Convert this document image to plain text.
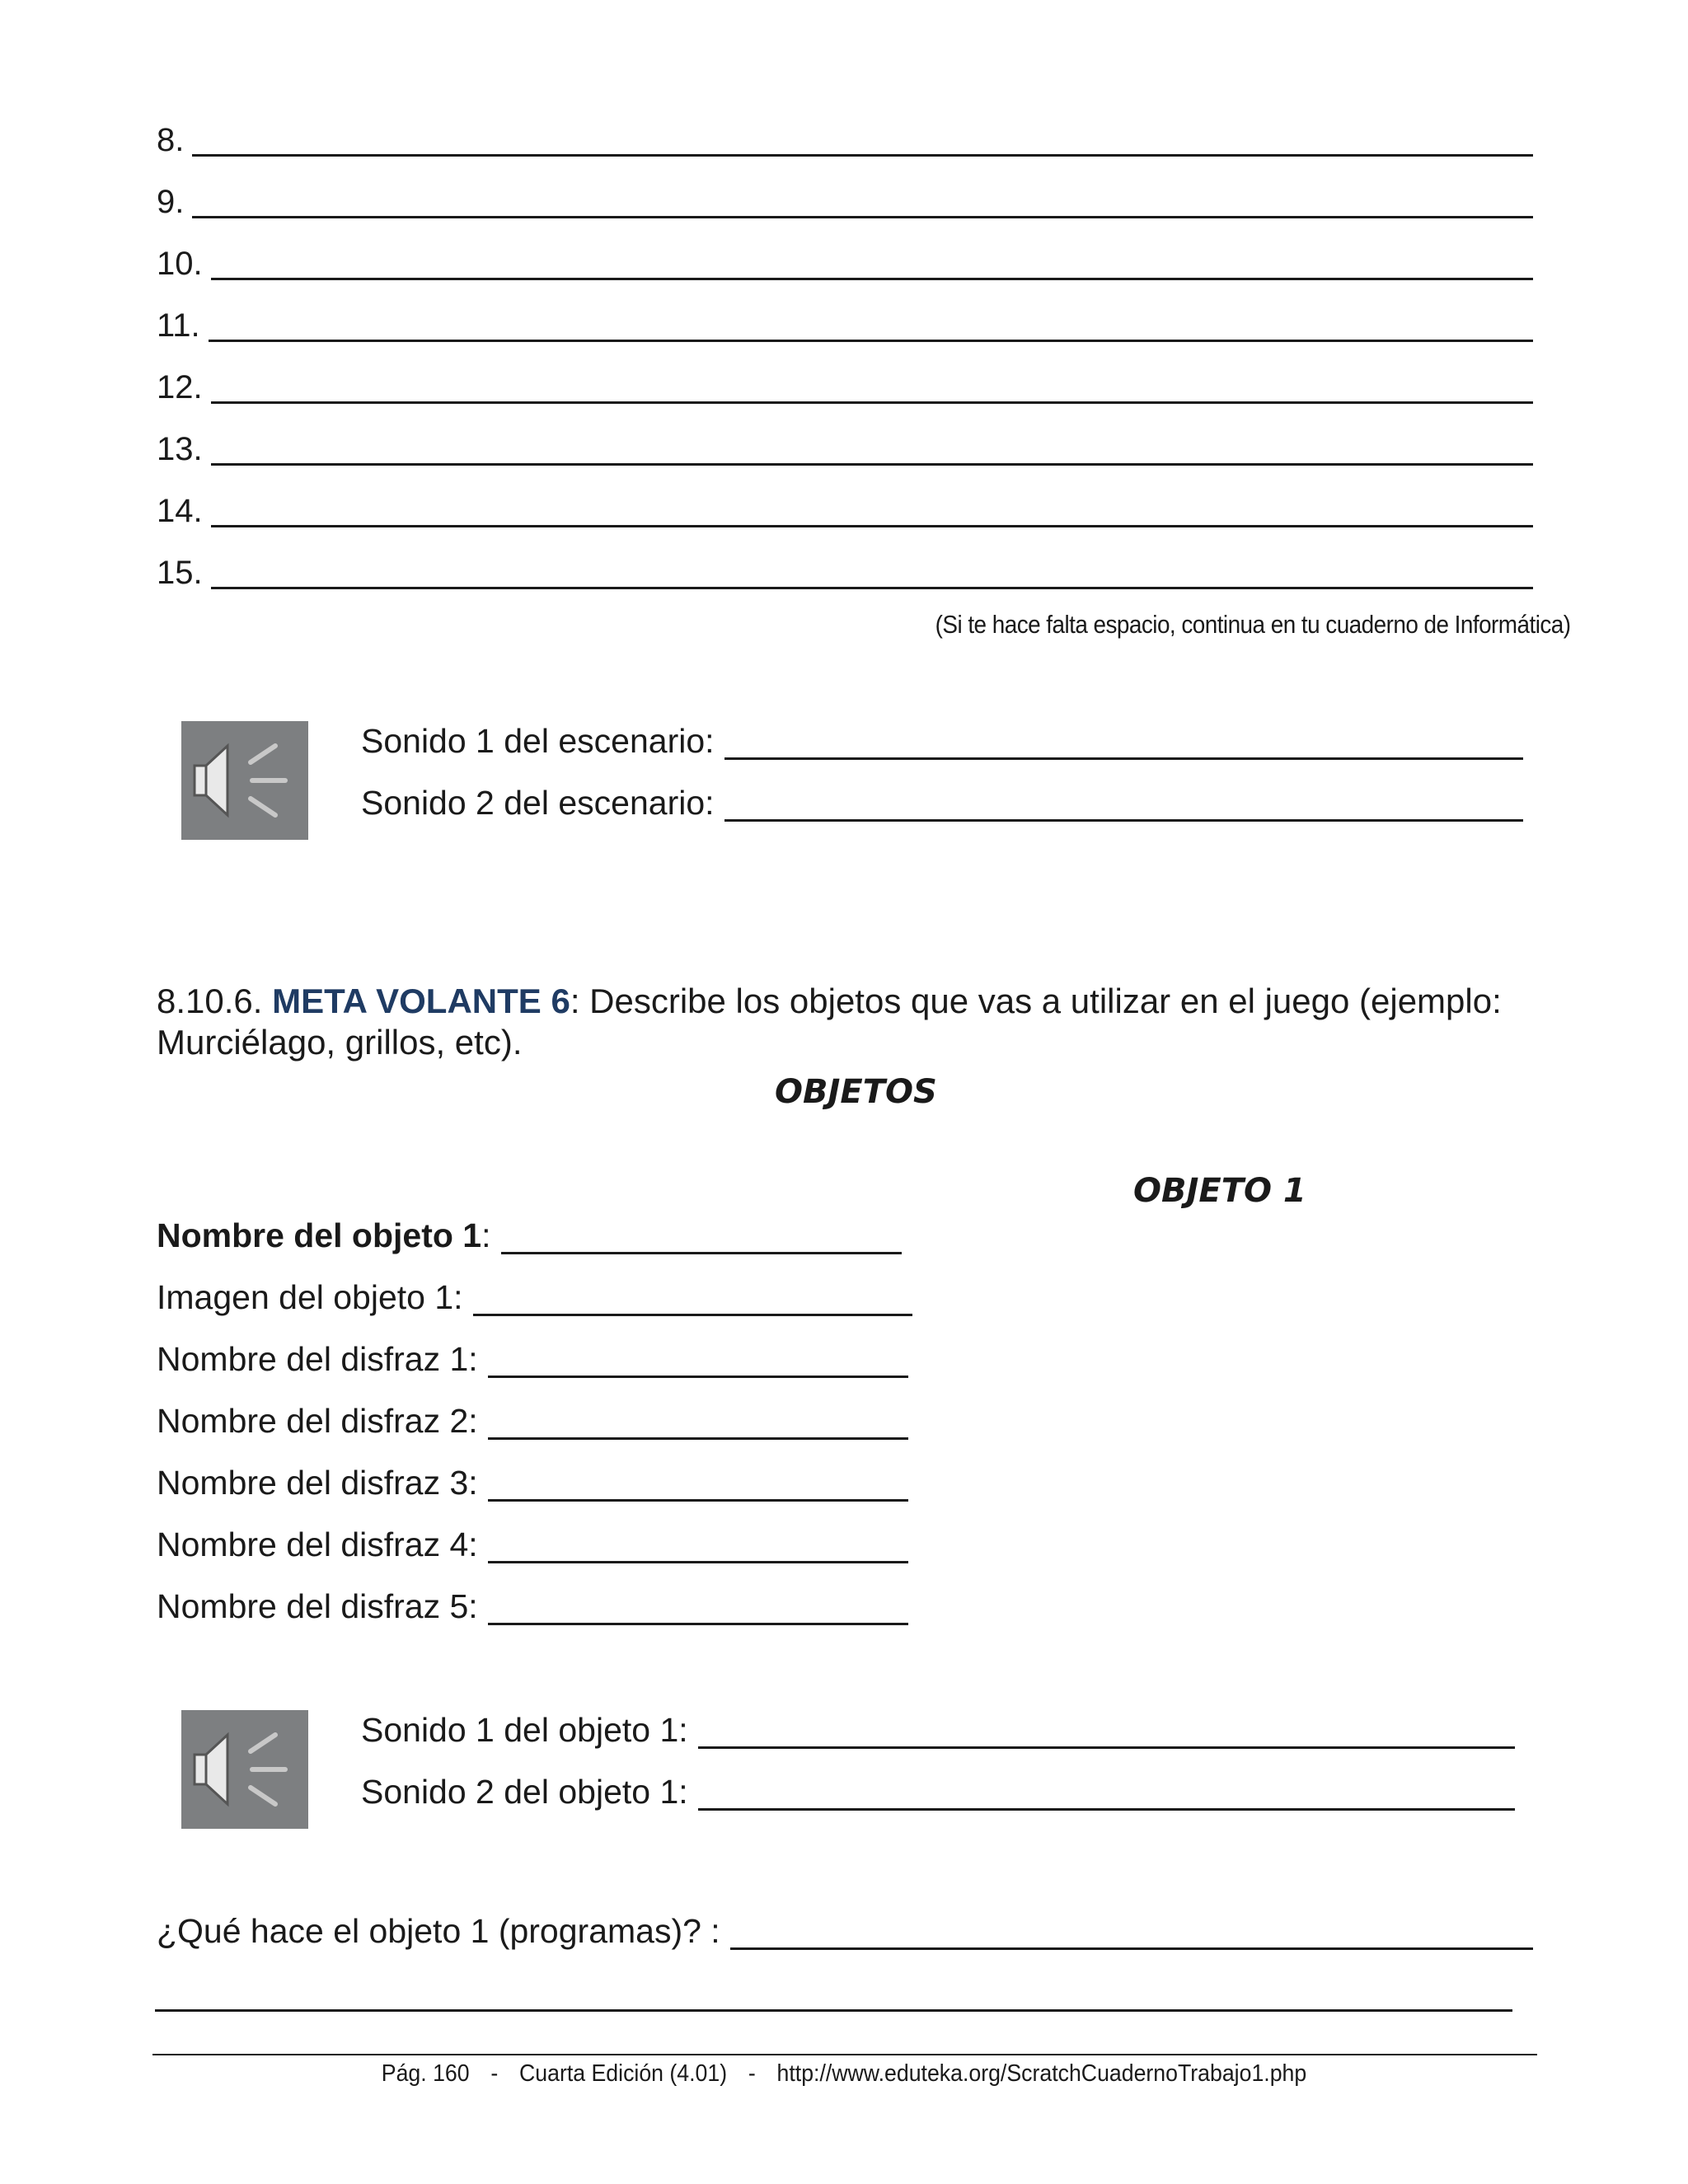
8.
9.
10.
11.
12.
13.
14.
15.
(Si te hace falta espacio, continua en tu cuaderno de Informática)
Sonido 1 del escenario:
Sonido 2 del escenario:
8.10.6. META VOLANTE 6: Describe los objetos que vas a utilizar en el juego (ejemplo: Murciélago, grillos, etc).
OBJETOS
OBJETO 1
Nombre del objeto 1:
Imagen del objeto 1:
Nombre del disfraz 1:
Nombre del disfraz 2:
Nombre del disfraz 3:
Nombre del disfraz 4:
Nombre del disfraz 5:
Sonido 1 del objeto 1:
Sonido 2 del objeto 1:
¿Qué hace el objeto 1 (programas)? :
Pág. 160 - Cuarta Edición (4.01) - http://www.eduteka.org/ScratchCuadernoTrabajo1.php
